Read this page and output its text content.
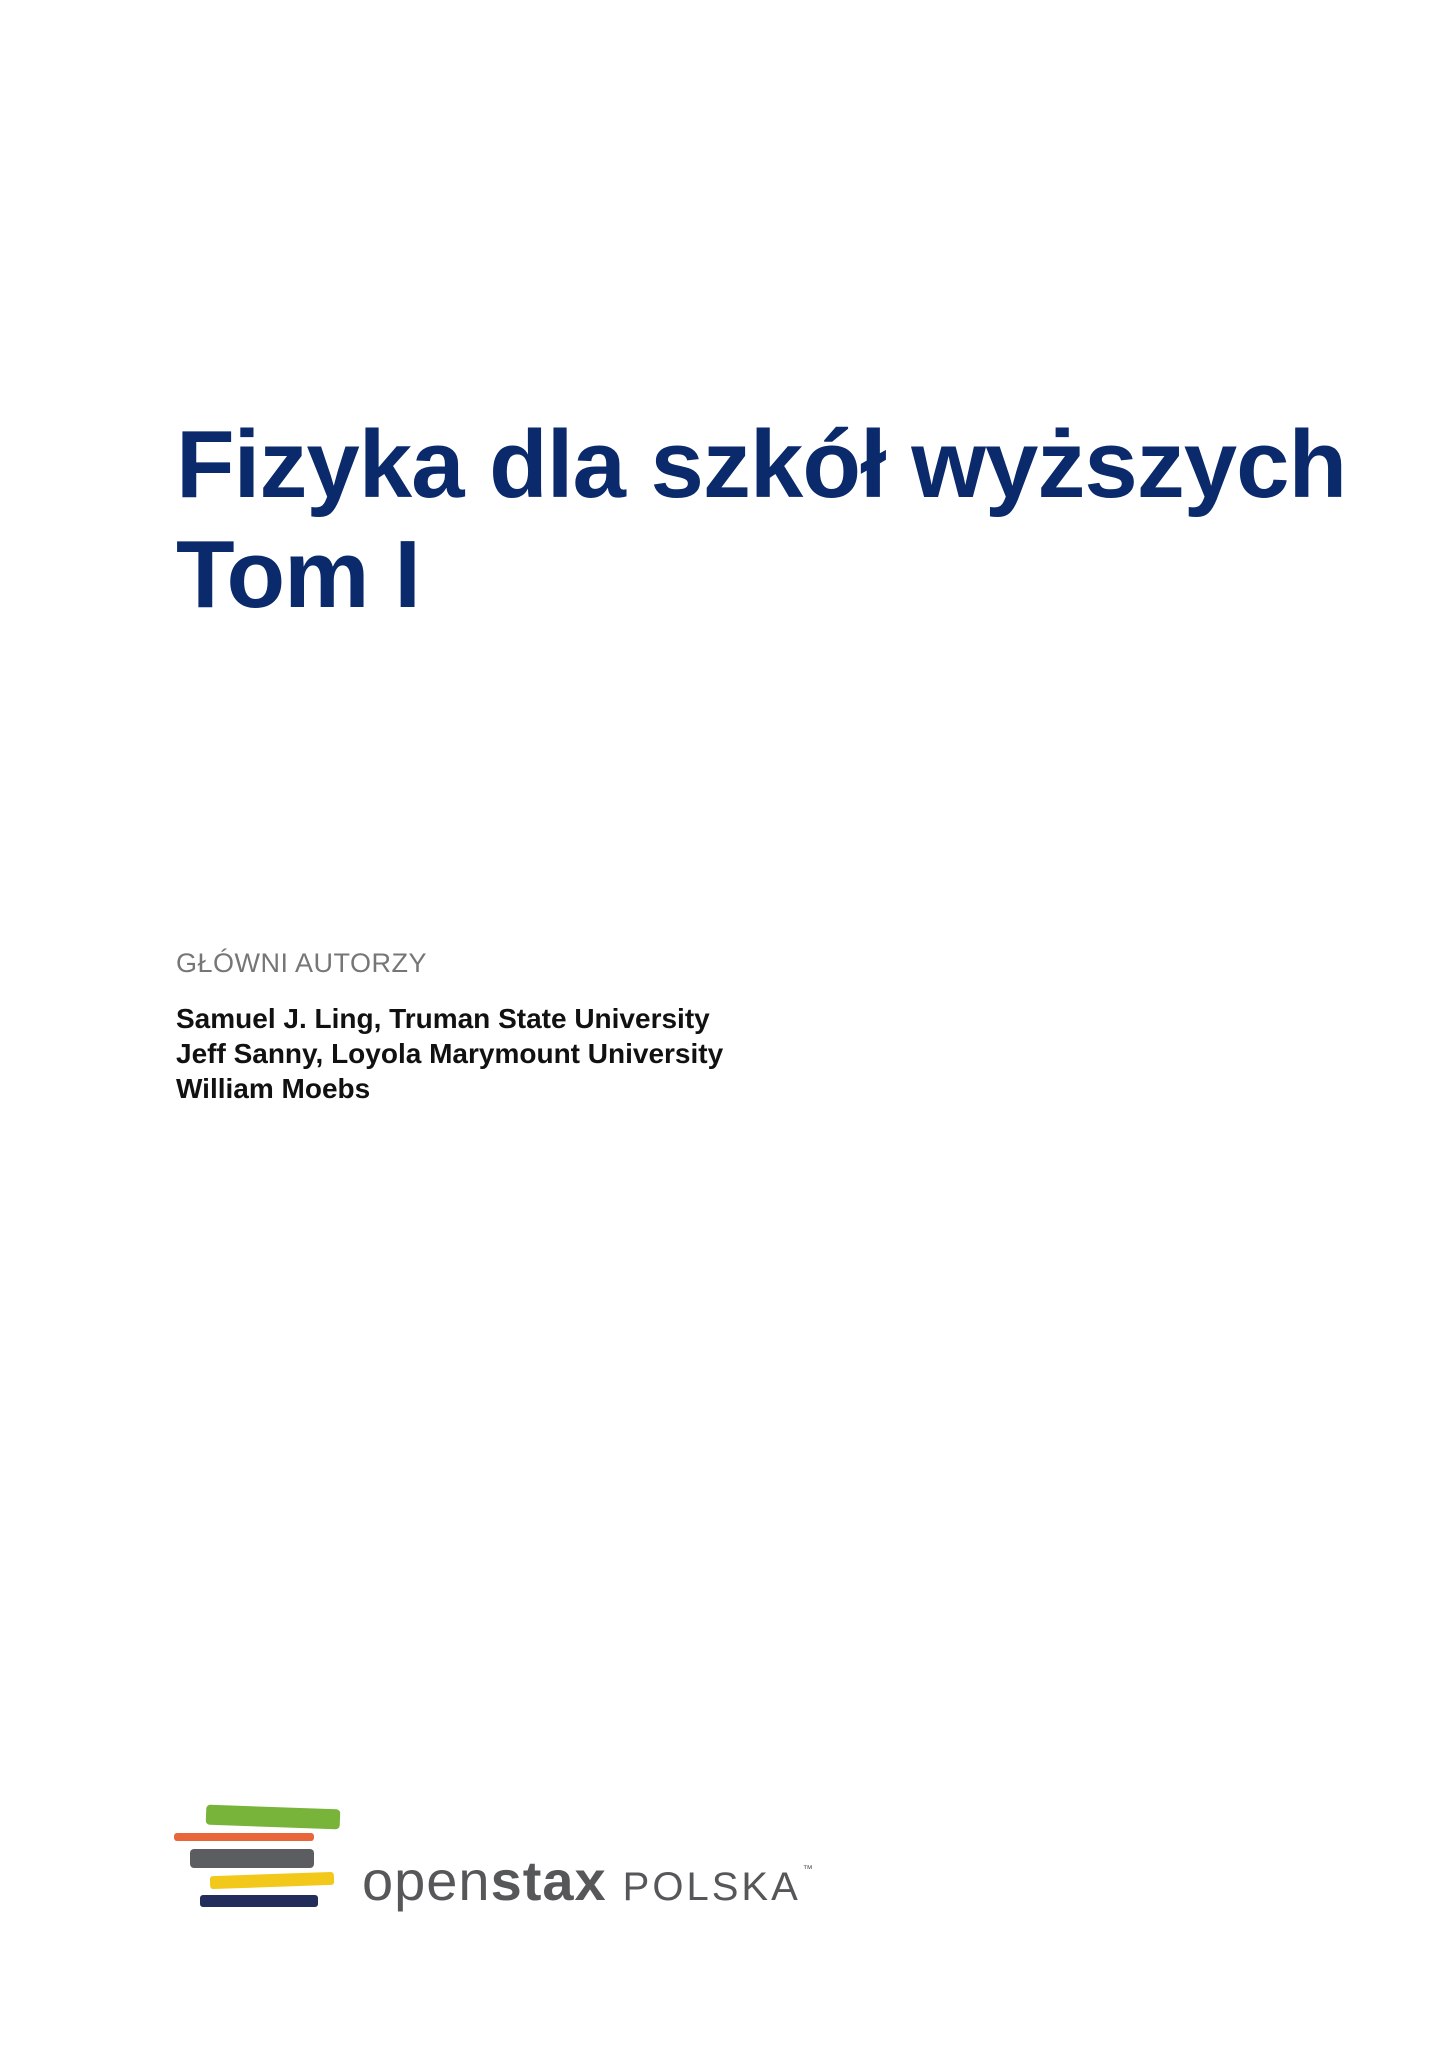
Fizyka dla szkół wyższych
Tom I
GŁÓWNI AUTORZY
Samuel J. Ling, Truman State University
Jeff Sanny, Loyola Marymount University
William Moebs
openstax POLSKA ™
